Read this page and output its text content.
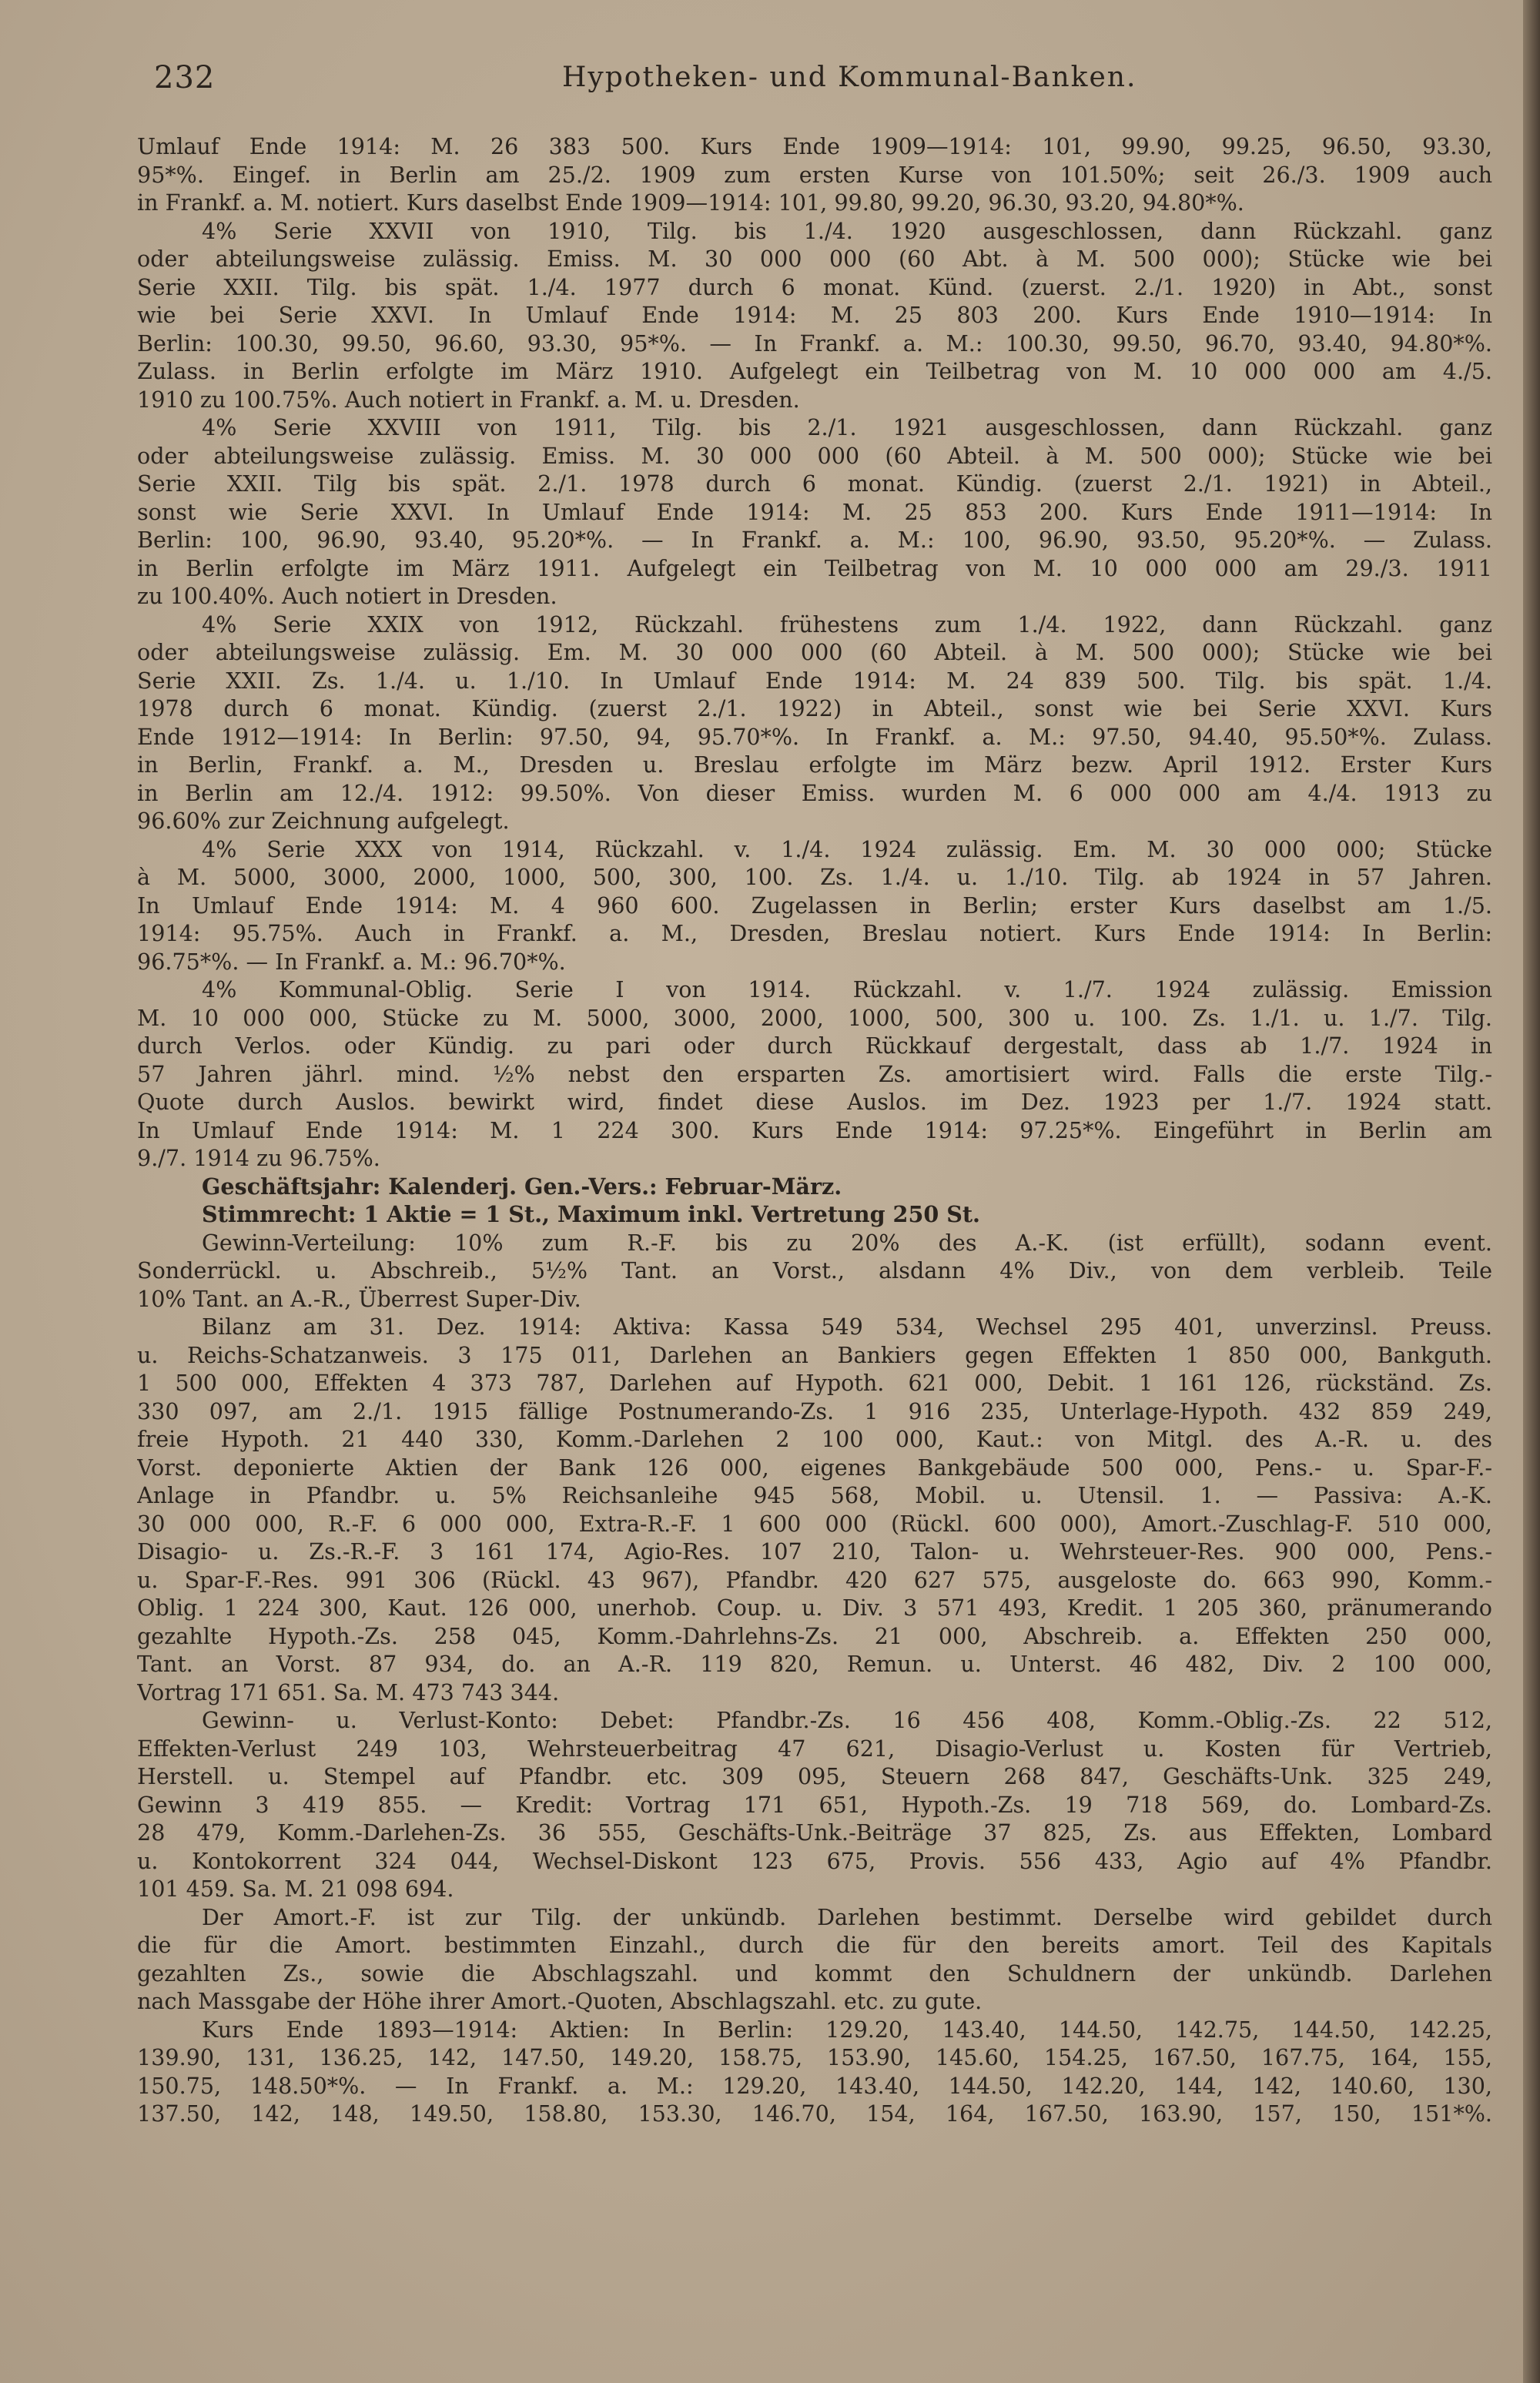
232	Hypotheken- und Kommunal-Banken.

Umlauf Ende 1914: M. 26 383 500. Kurs Ende 1909—1914: 101, 99.90, 99.25, 96.50, 93.30,

95*%. Eingef. in Berlin am 25./2. 1909 zum ersten Kurse von 101.50%; seit 26./3. 1909 auch

in Frankf. a. M. notiert. Kurs daselbst Ende 1909—1914: 101, 99.80, 99.20, 96.30, 93.20, 94.80*%.

4% Serie XXVII von 1910, Tilg. bis 1./4. 1920 ausgeschlossen, dann Rückzahl. ganz

oder abteilungsweise zulässig. Emiss. M. 30 000 000 (60 Abt. à M. 500 000); Stücke wie bei

Serie XXII. Tilg. bis spät. 1./4. 1977 durch 6 monat. Künd. (zuerst. 2./1. 1920) in Abt., sonst

wie bei Serie XXVI. In Umlauf Ende 1914: M. 25 803 200. Kurs Ende 1910—1914: In

Berlin: 100.30, 99.50, 96.60, 93.30, 95*%. — In Frankf. a. M.: 100.30, 99.50, 96.70, 93.40, 94.80*%.

Zulass. in Berlin erfolgte im März 1910. Aufgelegt ein Teilbetrag von M. 10 000 000 am 4./5.

1910 zu 100.75%. Auch notiert in Frankf. a. M. u. Dresden.

4% Serie XXVIII von 1911, Tilg. bis 2./1. 1921 ausgeschlossen, dann Rückzahl. ganz

oder abteilungsweise zulässig. Emiss. M. 30 000 000 (60 Abteil. à M. 500 000); Stücke wie bei

Serie XXII. Tilg bis spät. 2./1. 1978 durch 6 monat. Kündig. (zuerst 2./1. 1921) in Abteil.,

sonst wie Serie XXVI. In Umlauf Ende 1914: M. 25 853 200. Kurs Ende 1911—1914: In

Berlin: 100, 96.90, 93.40, 95.20*%. — In Frankf. a. M.: 100, 96.90, 93.50, 95.20*%. — Zulass.

in Berlin erfolgte im März 1911. Aufgelegt ein Teilbetrag von M. 10 000 000 am 29./3. 1911

zu 100.40%. Auch notiert in Dresden.

4% Serie XXIX von 1912, Rückzahl. frühestens zum 1./4. 1922, dann Rückzahl. ganz

oder abteilungsweise zulässig. Em. M. 30 000 000 (60 Abteil. à M. 500 000); Stücke wie bei

Serie XXII. Zs. 1./4. u. 1./10. In Umlauf Ende 1914: M. 24 839 500. Tilg. bis spät. 1./4.

1978 durch 6 monat. Kündig. (zuerst 2./1. 1922) in Abteil., sonst wie bei Serie XXVI. Kurs

Ende 1912—1914: In Berlin: 97.50, 94, 95.70*%. In Frankf. a. M.: 97.50, 94.40, 95.50*%. Zulass.

in Berlin, Frankf. a. M., Dresden u. Breslau erfolgte im März bezw. April 1912. Erster Kurs

in Berlin am 12./4. 1912: 99.50%. Von dieser Emiss. wurden M. 6 000 000 am 4./4. 1913 zu

96.60% zur Zeichnung aufgelegt.

4% Serie XXX von 1914, Rückzahl. v. 1./4. 1924 zulässig. Em. M. 30 000 000; Stücke

à M. 5000, 3000, 2000, 1000, 500, 300, 100. Zs. 1./4. u. 1./10. Tilg. ab 1924 in 57 Jahren.

In Umlauf Ende 1914: M. 4 960 600. Zugelassen in Berlin; erster Kurs daselbst am 1./5.

1914: 95.75%. Auch in Frankf. a. M., Dresden, Breslau notiert. Kurs Ende 1914: In Berlin:

96.75*%. — In Frankf. a. M.: 96.70*%.

4% Kommunal-Oblig. Serie I von 1914. Rückzahl. v. 1./7. 1924 zulässig. Emission

M. 10 000 000, Stücke zu M. 5000, 3000, 2000, 1000, 500, 300 u. 100. Zs. 1./1. u. 1./7. Tilg.

durch Verlos. oder Kündig. zu pari oder durch Rückkauf dergestalt, dass ab 1./7. 1924 in

57 Jahren jährl. mind. ½% nebst den ersparten Zs. amortisiert wird. Falls die erste Tilg.-

Quote durch Auslos. bewirkt wird, findet diese Auslos. im Dez. 1923 per 1./7. 1924 statt.

In Umlauf Ende 1914: M. 1 224 300. Kurs Ende 1914: 97.25*%. Eingeführt in Berlin am

9./7. 1914 zu 96.75%.

Geschäftsjahr: Kalenderj. Gen.-Vers.: Februar-März.

Stimmrecht: 1 Aktie = 1 St., Maximum inkl. Vertretung 250 St.

Gewinn-Verteilung: 10% zum R.-F. bis zu 20% des A.-K. (ist erfüllt), sodann event.

Sonderrückl. u. Abschreib., 5½% Tant. an Vorst., alsdann 4% Div., von dem verbleib. Teile

10% Tant. an A.-R., Überrest Super-Div.

Bilanz am 31. Dez. 1914: Aktiva: Kassa 549 534, Wechsel 295 401, unverzinsl. Preuss.

u. Reichs-Schatzanweis. 3 175 011, Darlehen an Bankiers gegen Effekten 1 850 000, Bankguth.

1 500 000, Effekten 4 373 787, Darlehen auf Hypoth. 621 000, Debit. 1 161 126, rückständ. Zs.

330 097, am 2./1. 1915 fällige Postnumerando-Zs. 1 916 235, Unterlage-Hypoth. 432 859 249,

freie Hypoth. 21 440 330, Komm.-Darlehen 2 100 000, Kaut.: von Mitgl. des A.-R. u. des

Vorst. deponierte Aktien der Bank 126 000, eigenes Bankgebäude 500 000, Pens.- u. Spar-F.-

Anlage in Pfandbr. u. 5% Reichsanleihe 945 568, Mobil. u. Utensil. 1. — Passiva: A.-K.

30 000 000, R.-F. 6 000 000, Extra-R.-F. 1 600 000 (Rückl. 600 000), Amort.-Zuschlag-F. 510 000,

Disagio- u. Zs.-R.-F. 3 161 174, Agio-Res. 107 210, Talon- u. Wehrsteuer-Res. 900 000, Pens.-

u. Spar-F.-Res. 991 306 (Rückl. 43 967), Pfandbr. 420 627 575, ausgeloste do. 663 990, Komm.-

Oblig. 1 224 300, Kaut. 126 000, unerhob. Coup. u. Div. 3 571 493, Kredit. 1 205 360, pränumerando

gezahlte Hypoth.-Zs. 258 045, Komm.-Dahrlehns-Zs. 21 000, Abschreib. a. Effekten 250 000,

Tant. an Vorst. 87 934, do. an A.-R. 119 820, Remun. u. Unterst. 46 482, Div. 2 100 000,

Vortrag 171 651. Sa. M. 473 743 344.

Gewinn- u. Verlust-Konto: Debet: Pfandbr.-Zs. 16 456 408, Komm.-Oblig.-Zs. 22 512,

Effekten-Verlust 249 103, Wehrsteuerbeitrag 47 621, Disagio-Verlust u. Kosten für Vertrieb,

Herstell. u. Stempel auf Pfandbr. etc. 309 095, Steuern 268 847, Geschäfts-Unk. 325 249,

Gewinn 3 419 855. — Kredit: Vortrag 171 651, Hypoth.-Zs. 19 718 569, do. Lombard-Zs.

28 479, Komm.-Darlehen-Zs. 36 555, Geschäfts-Unk.-Beiträge 37 825, Zs. aus Effekten, Lombard

u. Kontokorrent 324 044, Wechsel-Diskont 123 675, Provis. 556 433, Agio auf 4% Pfandbr.

101 459. Sa. M. 21 098 694.

Der Amort.-F. ist zur Tilg. der unkündb. Darlehen bestimmt. Derselbe wird gebildet durch

die für die Amort. bestimmten Einzahl., durch die für den bereits amort. Teil des Kapitals

gezahlten Zs., sowie die Abschlagszahl. und kommt den Schuldnern der unkündb. Darlehen

nach Massgabe der Höhe ihrer Amort.-Quoten, Abschlagszahl. etc. zu gute.

Kurs Ende 1893—1914: Aktien: In Berlin: 129.20, 143.40, 144.50, 142.75, 144.50, 142.25,

139.90, 131, 136.25, 142, 147.50, 149.20, 158.75, 153.90, 145.60, 154.25, 167.50, 167.75, 164, 155,

150.75, 148.50*%. — In Frankf. a. M.: 129.20, 143.40, 144.50, 142.20, 144, 142, 140.60, 130,

137.50, 142, 148, 149.50, 158.80, 153.30, 146.70, 154, 164, 167.50, 163.90, 157, 150, 151*%.
